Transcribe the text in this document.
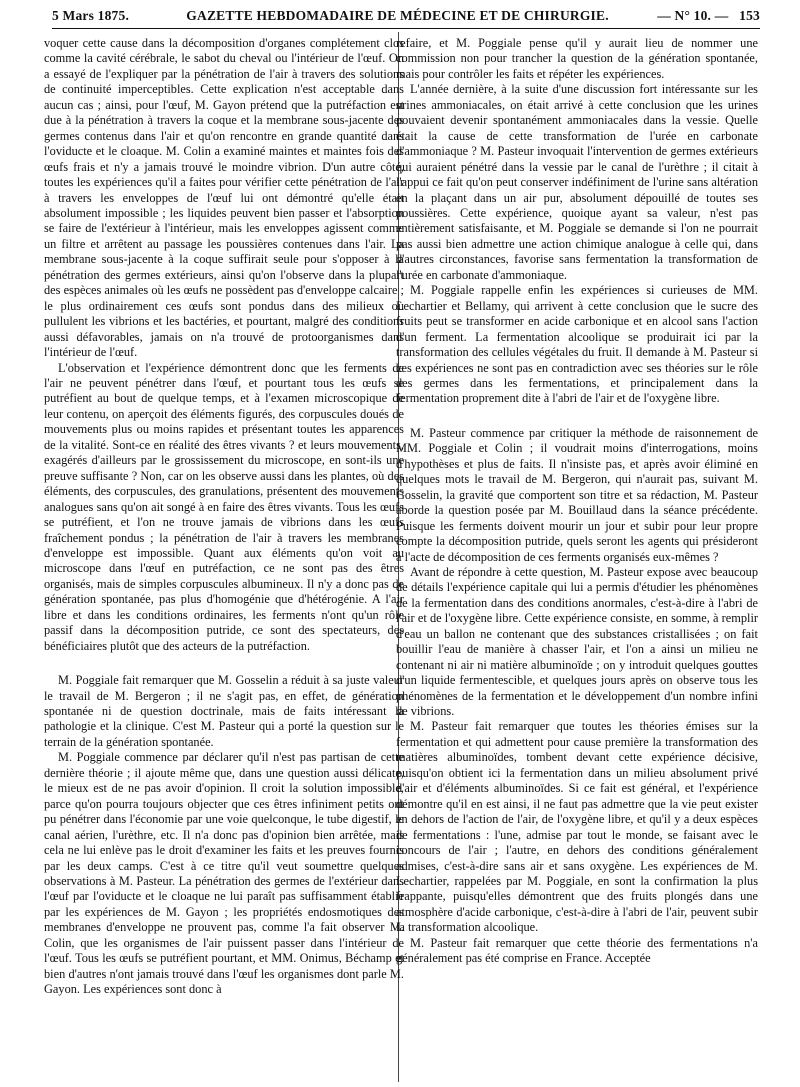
5 Mars 1875.	GAZETTE HEBDOMADAIRE DE MÉDECINE ET DE CHIRURGIE.	— N° 10. — 153

voquer cette cause dans la décomposition d'organes complétement clos comme la cavité cérébrale, le sabot du cheval ou l'intérieur de l'œuf. On a essayé de l'expliquer par la pénétration de l'air à travers des solutions de continuité imperceptibles. Cette explication n'est acceptable dans aucun cas ; ainsi, pour l'œuf, M. Gayon prétend que la putréfaction est due à la pénétration à travers la coque et la membrane sous-jacente des germes contenus dans l'air et qu'on rencontre en grande quantité dans l'oviducte et le cloaque. M. Colin a examiné maintes et maintes fois des œufs frais et n'y a jamais trouvé le moindre vibrion. D'un autre côté, toutes les expériences qu'il a faites pour vérifier cette pénétration de l'air à travers les enveloppes de l'œuf lui ont démontré qu'elle était absolument impossible ; les liquides peuvent bien passer et l'absorption se faire de l'extérieur à l'intérieur, mais les enveloppes agissent comme un filtre et arrêtent au passage les poussières contenues dans l'air. La membrane sous-jacente à la coque suffirait seule pour s'opposer à la pénétration des germes extérieurs, ainsi qu'on l'observe dans la plupart des espèces animales où les œufs ne possèdent pas d'enveloppe calcaire ; le plus ordinairement ces œufs sont pondus dans des milieux où pullulent les vibrions et les bactéries, et pourtant, malgré des conditions aussi défavorables, jamais on n'a trouvé de protoorganismes dans l'intérieur de l'œuf.

L'observation et l'expérience démontrent donc que les ferments de l'air ne peuvent pénétrer dans l'œuf, et pourtant tous les œufs se putréfient au bout de quelque temps, et à l'examen microscopique de leur contenu, on aperçoit des éléments figurés, des corpuscules doués de mouvements plus ou moins rapides et présentant toutes les apparences de la vitalité. Sont-ce en réalité des êtres vivants ? et leurs mouvements, exagérés d'ailleurs par le grossissement du microscope, en sont-ils une preuve suffisante ? Non, car on les observe aussi dans les plantes, où des éléments, des corpuscules, des granulations, présentent des mouvements analogues sans qu'on ait songé à en faire des êtres vivants. Tous les œufs se putréfient, et l'on ne trouve jamais de vibrions dans les œufs fraîchement pondus ; la pénétration de l'air à travers les membranes d'enveloppe est impossible. Quant aux éléments qu'on voit au microscope dans l'œuf en putréfaction, ce ne sont pas des êtres organisés, mais de simples corpuscules albumineux. Il n'y a donc pas de génération spontanée, pas plus d'homogénie que d'hétérogénie. A l'air libre et dans les conditions ordinaires, les ferments n'ont qu'un rôle passif dans la décomposition putride, ce sont des spectateurs, des bénéficiaires plutôt que des acteurs de la putréfaction.

M. Poggiale fait remarquer que M. Gosselin a réduit à sa juste valeur le travail de M. Bergeron ; il ne s'agit pas, en effet, de génération spontanée ni de question doctrinale, mais de faits intéressant la pathologie et la clinique. C'est M. Pasteur qui a porté la question sur le terrain de la génération spontanée.

M. Poggiale commence par déclarer qu'il n'est pas partisan de cette dernière théorie ; il ajoute même que, dans une question aussi délicate, le mieux est de ne pas avoir d'opinion. Il croit la solution impossible, parce qu'on pourra toujours objecter que ces êtres infiniment petits ont pu pénétrer dans l'économie par une voie quelconque, le tube digestif, le canal aérien, l'urèthre, etc. Il n'a donc pas d'opinion bien arrêtée, mais cela ne lui enlève pas le droit d'examiner les faits et les preuves fournis par les deux camps. C'est à ce titre qu'il veut soumettre quelques observations à M. Pasteur. La pénétration des germes de l'extérieur dans l'œuf par l'oviducte et le cloaque ne lui paraît pas suffisamment établie par les expériences de M. Gayon ; les propriétés endosmotiques des membranes d'enveloppe ne prouvent pas, comme l'a fait observer M. Colin, que les organismes de l'air puissent passer dans l'intérieur de l'œuf. Tous les œufs se putréfient pourtant, et MM. Onimus, Béchamp et bien d'autres n'ont jamais trouvé dans l'œuf les organismes dont parle M. Gayon. Les expériences sont donc à

refaire, et M. Poggiale pense qu'il y aurait lieu de nommer une commission non pour trancher la question de la génération spontanée, mais pour contrôler les faits et répéter les expériences.

L'année dernière, à la suite d'une discussion fort intéressante sur les urines ammoniacales, on était arrivé à cette conclusion que les urines pouvaient devenir spontanément ammoniacales dans la vessie. Quelle était la cause de cette transformation de l'urée en carbonate d'ammoniaque ? M. Pasteur invoquait l'intervention de germes extérieurs qui auraient pénétré dans la vessie par le canal de l'urèthre ; il citait à l'appui ce fait qu'on peut conserver indéfiniment de l'urine sans altération en la plaçant dans un air pur, absolument dépouillé de toutes ses poussières. Cette expérience, quoique ayant sa valeur, n'est pas entièrement satisfaisante, et M. Poggiale se demande si l'on ne pourrait pas aussi bien admettre une action chimique analogue à celle qui, dans d'autres circonstances, favorise sans fermentation la transformation de l'urée en carbonate d'ammoniaque.

M. Poggiale rappelle enfin les expériences si curieuses de MM. Lechartier et Bellamy, qui arrivent à cette conclusion que le sucre des fruits peut se transformer en acide carbonique et en alcool sans l'action d'un ferment. La fermentation alcoolique se produirait ici par la transformation des cellules végétales du fruit. Il demande à M. Pasteur si ces expériences ne sont pas en contradiction avec ses théories sur le rôle des germes dans les fermentations, et principalement dans la fermentation proprement dite à l'abri de l'air et de l'oxygène libre.

M. Pasteur commence par critiquer la méthode de raisonnement de MM. Poggiale et Colin ; il voudrait moins d'interrogations, moins d'hypothèses et plus de faits. Il n'insiste pas, et après avoir éliminé en quelques mots le travail de M. Bergeron, qui n'aurait pas, suivant M. Gosselin, la gravité que comportent son titre et sa rédaction, M. Pasteur aborde la question posée par M. Bouillaud dans la séance précédente. Puisque les ferments doivent mourir un jour et subir pour leur propre compte la décomposition putride, quels seront les agents qui présideront à l'acte de décomposition de ces ferments organisés eux-mêmes ?

Avant de répondre à cette question, M. Pasteur expose avec beaucoup de détails l'expérience capitale qui lui a permis d'étudier les phénomènes de la fermentation dans des conditions anormales, c'est-à-dire à l'abri de l'air et de l'oxygène libre. Cette expérience consiste, en somme, à remplir d'eau un ballon ne contenant que des substances cristallisées ; on fait bouillir l'eau de manière à chasser l'air, et l'on a ainsi un milieu ne contenant ni air ni matière albuminoïde ; on y introduit quelques gouttes d'un liquide fermentescible, et quelques jours après on observe tous les phénomènes de la fermentation et le développement d'un nombre infini de vibrions.

M. Pasteur fait remarquer que toutes les théories émises sur la fermentation et qui admettent pour cause première la transformation des matières albuminoïdes, tombent devant cette expérience décisive, puisqu'on obtient ici la fermentation dans un milieu absolument privé d'air et d'éléments albuminoïdes. Si ce fait est général, et l'expérience démontre qu'il en est ainsi, il ne faut pas admettre que la vie peut exister en dehors de l'action de l'air, de l'oxygène libre, et qu'il y a deux espèces de fermentations : l'une, admise par tout le monde, se faisant avec le concours de l'air ; l'autre, en dehors des conditions généralement admises, c'est-à-dire sans air et sans oxygène. Les expériences de M. Lechartier, rappelées par M. Poggiale, en sont la confirmation la plus frappante, puisqu'elles démontrent que des fruits plongés dans une atmosphère d'acide carbonique, c'est-à-dire à l'abri de l'air, peuvent subir la transformation alcoolique.

M. Pasteur fait remarquer que cette théorie des fermentations n'a généralement pas été comprise en France. Acceptée
